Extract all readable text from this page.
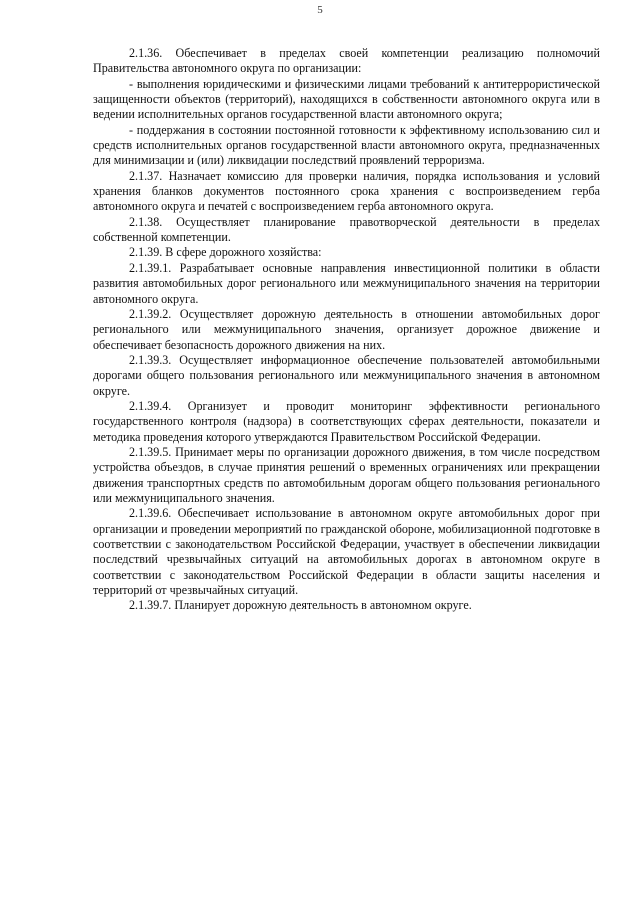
5

2.1.36. Обеспечивает в пределах своей компетенции реализацию полномочий Правительства автономного округа по организации:

- выполнения юридическими и физическими лицами требований к антитеррористической защищенности объектов (территорий), находящихся в собственности автономного округа или в ведении исполнительных органов государственной власти автономного округа;

- поддержания в состоянии постоянной готовности к эффективному использованию сил и средств исполнительных органов государственной власти автономного округа, предназначенных для минимизации и (или) ликвидации последствий проявлений терроризма.

2.1.37. Назначает комиссию для проверки наличия, порядка использования и условий хранения бланков документов постоянного срока хранения с воспроизведением герба автономного округа и печатей с воспроизведением герба автономного округа.

2.1.38. Осуществляет планирование правотворческой деятельности в пределах собственной компетенции.

2.1.39. В сфере дорожного хозяйства:

2.1.39.1. Разрабатывает основные направления инвестиционной политики в области развития автомобильных дорог регионального или межмуниципального значения на территории автономного округа.

2.1.39.2. Осуществляет дорожную деятельность в отношении автомобильных дорог регионального или межмуниципального значения, организует дорожное движение и обеспечивает безопасность дорожного движения на них.

2.1.39.3. Осуществляет информационное обеспечение пользователей автомобильными дорогами общего пользования регионального или межмуниципального значения в автономном округе.

2.1.39.4. Организует и проводит мониторинг эффективности регионального государственного контроля (надзора) в соответствующих сферах деятельности, показатели и методика проведения которого утверждаются Правительством Российской Федерации.

2.1.39.5. Принимает меры по организации дорожного движения, в том числе посредством устройства объездов, в случае принятия решений о временных ограничениях или прекращении движения транспортных средств по автомобильным дорогам общего пользования регионального или межмуниципального значения.

2.1.39.6. Обеспечивает использование в автономном округе автомобильных дорог при организации и проведении мероприятий по гражданской обороне, мобилизационной подготовке в соответствии с законодательством Российской Федерации, участвует в обеспечении ликвидации последствий чрезвычайных ситуаций на автомобильных дорогах в автономном округе в соответствии с законодательством Российской Федерации в области защиты населения и территорий от чрезвычайных ситуаций.

2.1.39.7. Планирует дорожную деятельность в автономном округе.
